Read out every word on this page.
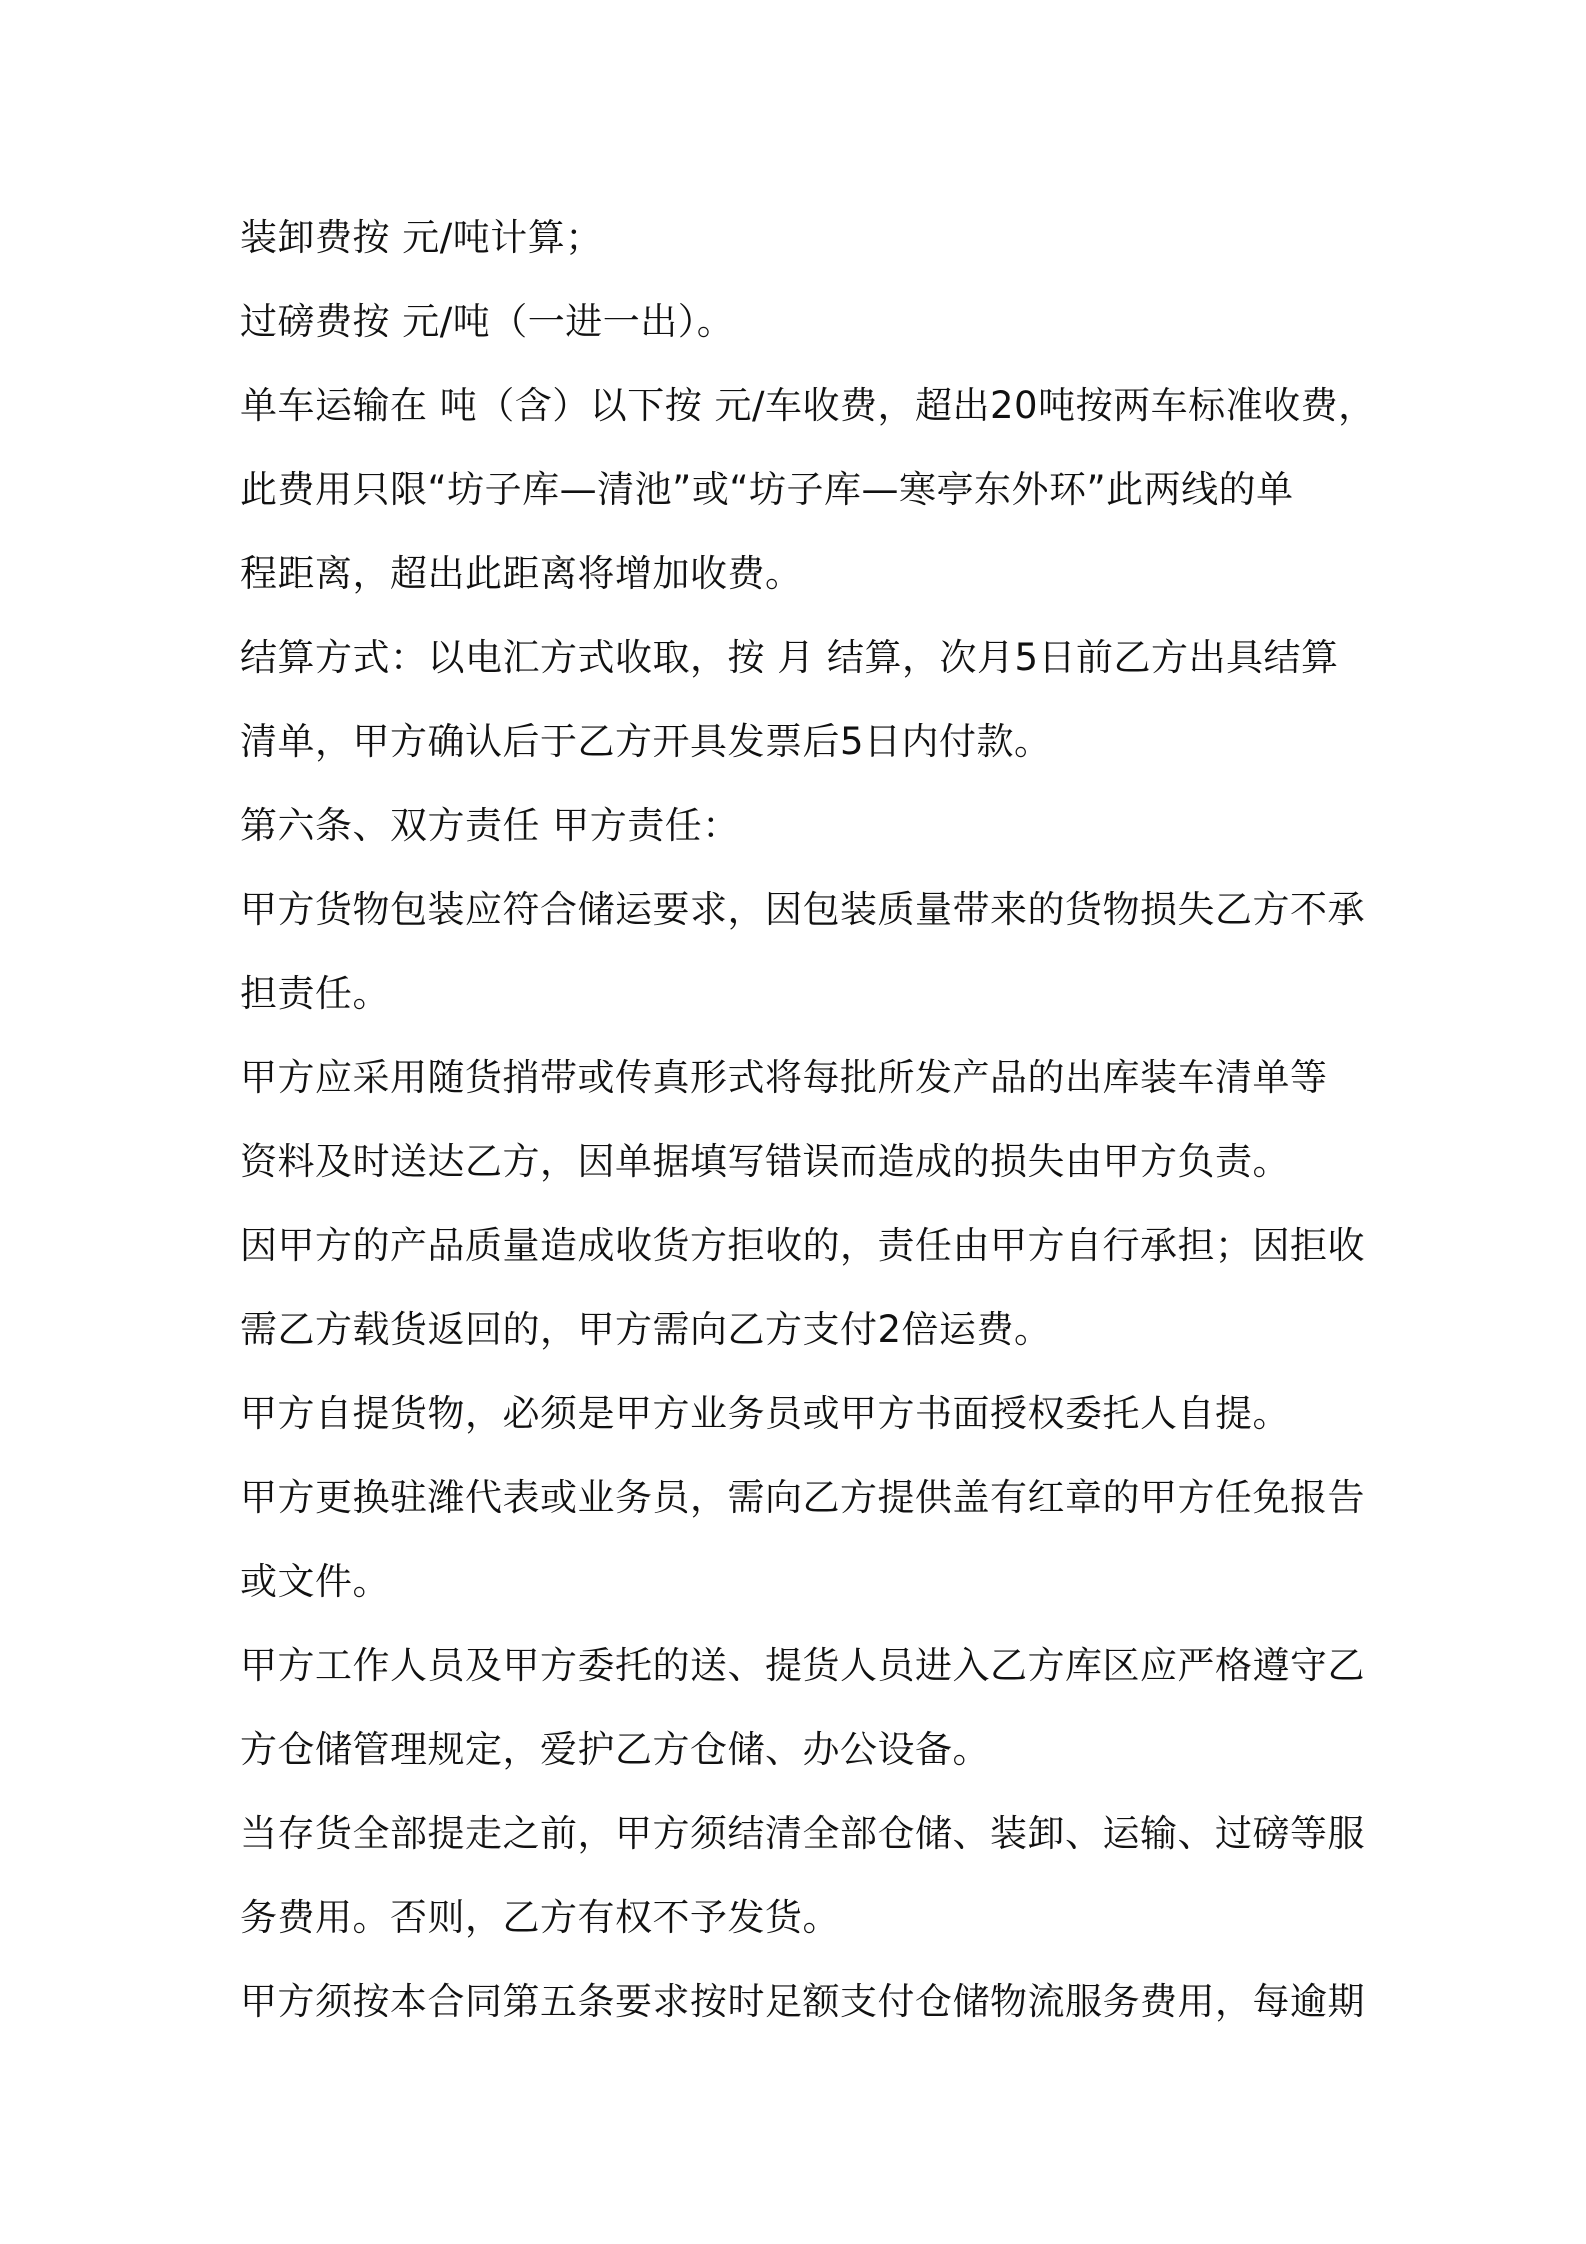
装卸费按 元/吨计算；
过磅费按 元/吨（一进一出）。
单车运输在 吨（含）以下按 元/车收费，超出20吨按两车标准收费，
此费用只限“坊子库—清池”或“坊子库—寒亭东外环”此两线的单
程距离，超出此距离将增加收费。
结算方式：以电汇方式收取，按 月 结算，次月5日前乙方出具结算
清单，甲方确认后于乙方开具发票后5日内付款。
第六条、双方责任 甲方责任：
甲方货物包装应符合储运要求，因包装质量带来的货物损失乙方不承
担责任。
甲方应采用随货捎带或传真形式将每批所发产品的出库装车清单等
资料及时送达乙方，因单据填写错误而造成的损失由甲方负责。
因甲方的产品质量造成收货方拒收的，责任由甲方自行承担；因拒收
需乙方载货返回的，甲方需向乙方支付2倍运费。
甲方自提货物，必须是甲方业务员或甲方书面授权委托人自提。
甲方更换驻潍代表或业务员，需向乙方提供盖有红章的甲方任免报告
或文件。
甲方工作人员及甲方委托的送、提货人员进入乙方库区应严格遵守乙
方仓储管理规定，爱护乙方仓储、办公设备。
当存货全部提走之前，甲方须结清全部仓储、装卸、运输、过磅等服
务费用。否则，乙方有权不予发货。
甲方须按本合同第五条要求按时足额支付仓储物流服务费用，每逾期
